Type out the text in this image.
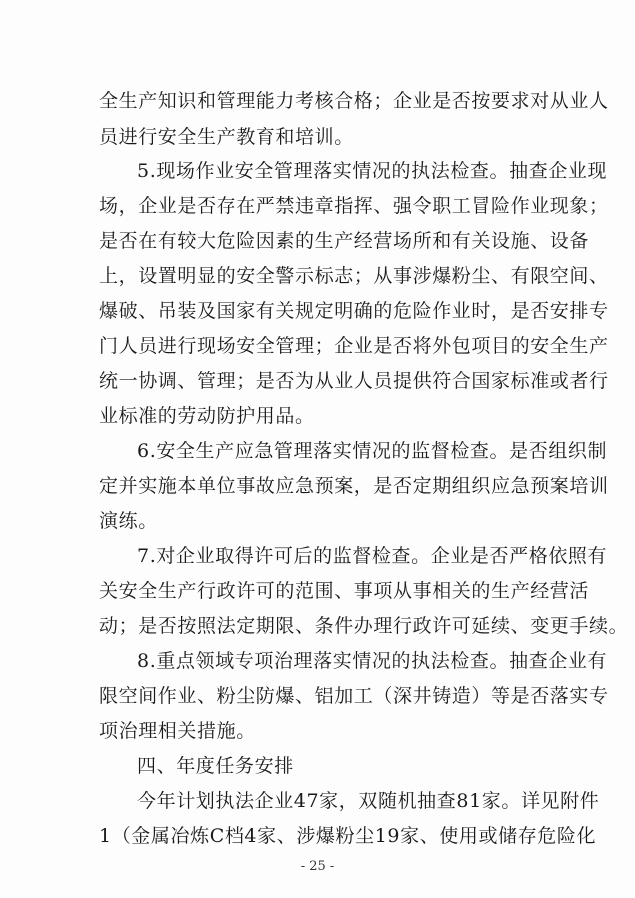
全生产知识和管理能力考核合格；企业是否按要求对从业人
员进行安全生产教育和培训。
5.现场作业安全管理落实情况的执法检查。抽查企业现
场，企业是否存在严禁违章指挥、强令职工冒险作业现象；
是否在有较大危险因素的生产经营场所和有关设施、设备
上，设置明显的安全警示标志；从事涉爆粉尘、有限空间、
爆破、吊装及国家有关规定明确的危险作业时，是否安排专
门人员进行现场安全管理；企业是否将外包项目的安全生产
统一协调、管理；是否为从业人员提供符合国家标准或者行
业标准的劳动防护用品。
6.安全生产应急管理落实情况的监督检查。是否组织制
定并实施本单位事故应急预案，是否定期组织应急预案培训
演练。
7.对企业取得许可后的监督检查。企业是否严格依照有
关安全生产行政许可的范围、事项从事相关的生产经营活
动；是否按照法定期限、条件办理行政许可延续、变更手续。
8.重点领域专项治理落实情况的执法检查。抽查企业有
限空间作业、粉尘防爆、铝加工（深井铸造）等是否落实专
项治理相关措施。
四、年度任务安排
今年计划执法企业47家，双随机抽查81家。详见附件
1（金属冶炼C档4家、涉爆粉尘19家、使用或储存危险化
- 25 -
